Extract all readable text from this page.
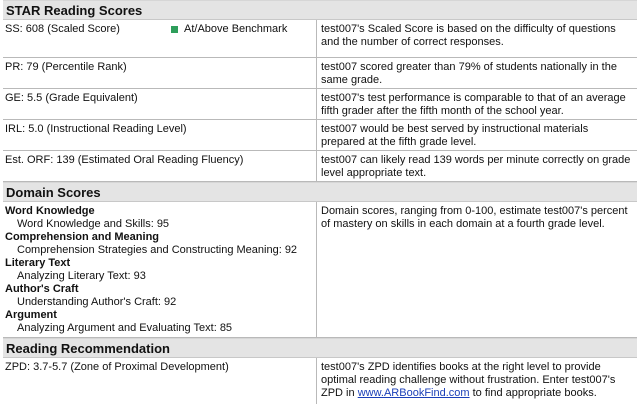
STAR Reading Scores
SS: 608 (Scaled Score)	At/Above Benchmark	test007's Scaled Score is based on the difficulty of questions and the number of correct responses.
PR: 79 (Percentile Rank)	test007 scored greater than 79% of students nationally in the same grade.
GE: 5.5 (Grade Equivalent)	test007's test performance is comparable to that of an average fifth grader after the fifth month of the school year.
IRL: 5.0 (Instructional Reading Level)	test007 would be best served by instructional materials prepared at the fifth grade level.
Est. ORF: 139 (Estimated Oral Reading Fluency)	test007 can likely read 139 words per minute correctly on grade level appropriate text.
Domain Scores
Word Knowledge
Word Knowledge and Skills: 95
Comprehension and Meaning
Comprehension Strategies and Constructing Meaning: 92
Literary Text
Analyzing Literary Text: 93
Author's Craft
Understanding Author's Craft: 92
Argument
Analyzing Argument and Evaluating Text: 85
Domain scores, ranging from 0-100, estimate test007's percent of mastery on skills in each domain at a fourth grade level.
Reading Recommendation
ZPD: 3.7-5.7 (Zone of Proximal Development)	test007's ZPD identifies books at the right level to provide optimal reading challenge without frustration. Enter test007's ZPD in www.ARBookFind.com to find appropriate books.
